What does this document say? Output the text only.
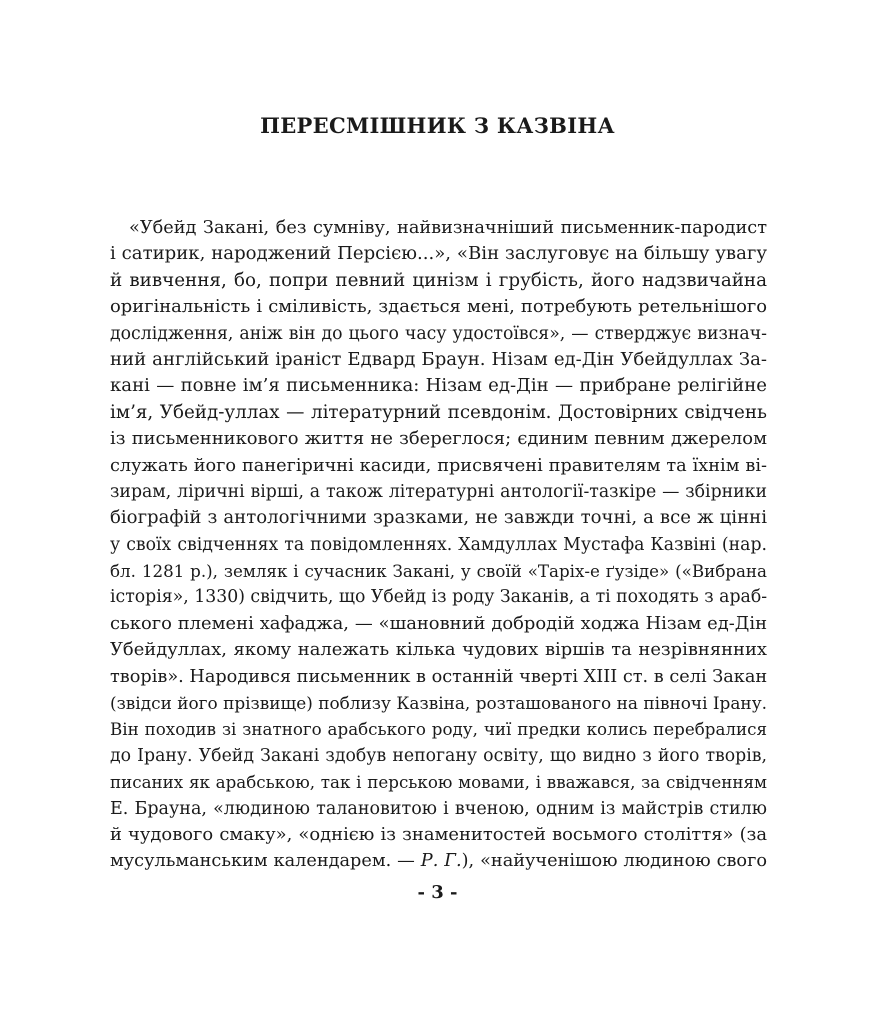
ПЕРЕСМІШНИК З КАЗВІНА
«Убейд Закані, без сумніву, найвизначніший письменник-пародист
і сатирик, народжений Персією...», «Він заслуговує на більшу увагу
й вивчення, бо, попри певний цинізм і грубість, його надзвичайна
оригінальність і сміливість, здається мені, потребують ретельнішого
дослідження, аніж він до цього часу удостоївся», — стверджує визнач-
ний англійський іраніст Едвард Браун. Нізам ед-Дін Убейдуллах За-
кані — повне ім’я письменника: Нізам ед-Дін — прибране релігійне
ім’я, Убейд-уллах — літературний псевдонім. Достовірних свідчень
із письменникового життя не збереглося; єдиним певним джерелом
служать його панегіричні касиди, присвячені правителям та їхнім ві-
зирам, ліричні вірші, а також літературні антології-тазкіре — збірники
біографій з антологічними зразками, не завжди точні, а все ж цінні
у своїх свідченнях та повідомленнях. Хамдуллах Мустафа Казвіні (нар.
бл. 1281 р.), земляк і сучасник Закані, у своїй «Таріх-е ґузіде» («Вибрана
історія», 1330) свідчить, що Убейд із роду Заканів, а ті походять з араб-
ського племені хафаджа, — «шановний добродій ходжа Нізам ед-Дін
Убейдуллах, якому належать кілька чудових віршів та незрівнянних
творів». Народився письменник в останній чверті XIII ст. в селі Закан
(звідси його прізвище) поблизу Казвіна, розташованого на півночі Ірану.
Він походив зі знатного арабського роду, чиї предки колись перебралися
до Ірану. Убейд Закані здобув непогану освіту, що видно з його творів,
писаних як арабською, так і перською мовами, і вважався, за свідченням
Е. Брауна, «людиною талановитою і вченою, одним із майстрів стилю
й чудового смаку», «однією із знаменитостей восьмого століття» (за
мусульманським календарем. — Р. Г.), «найученішою людиною свого
- 3 -
